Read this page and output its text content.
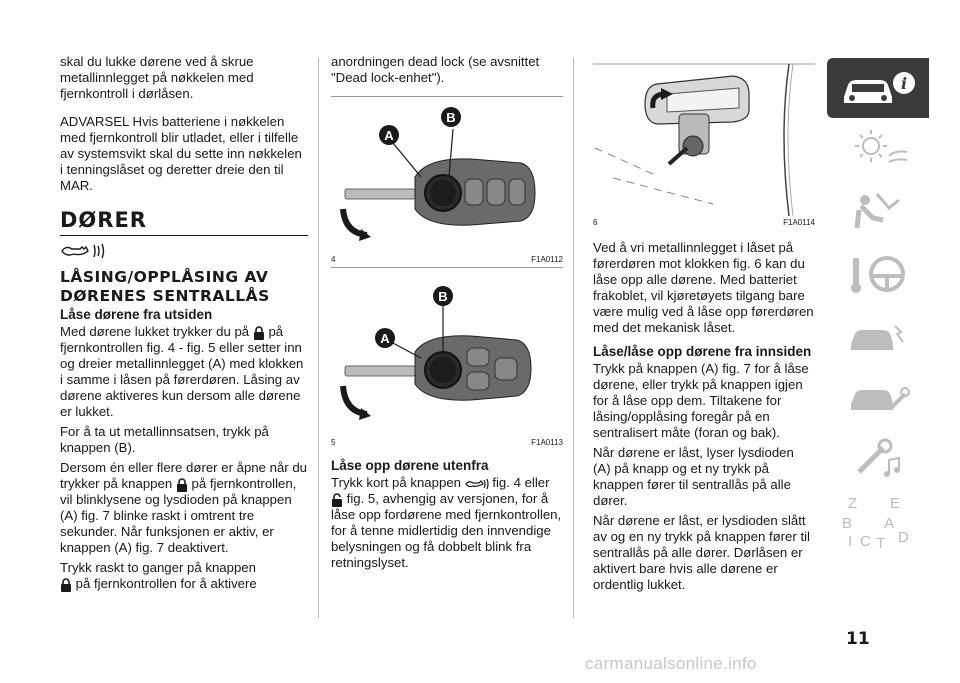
skal du lukke dørene ved å skrue metallinnlegget på nøkkelen med fjernkontroll i dørlåsen.

ADVARSEL Hvis batteriene i nøkkelen med fjernkontroll blir utladet, eller i tilfelle av systemsvikt skal du sette inn nøkkelen i tenningslåset og deretter dreie den til MAR.

DØRER
LÅSING/OPPLÅSING AV
DØRENES SENTRALLÅS
Låse dørene fra utsiden

Med dørene lukket trykker du på på fjernkontrollen fig. 4 - fig. 5 eller setter inn og dreier metallinnlegget (A) med klokken i samme i låsen på førerdøren. Låsing av dørene aktiveres kun dersom alle dørene er lukket.

For å ta ut metallinnsatsen, trykk på knappen (B).

Dersom én eller flere dører er åpne når du trykker på knappen på fjernkontrollen, vil blinklysene og lysdioden på knappen (A) fig. 7 blinke raskt i omtrent tre sekunder. Når funksjonen er aktiv, er knappen (A) fig. 7 deaktivert.

Trykk raskt to ganger på knappen
på fjernkontrollen for å aktivere

anordningen dead lock (se avsnittet "Dead lock-enhet").

A
B
4	F1A0112
A
B
5	F1A0113
Låse opp dørene utenfra

Trykk kort på knappen fig. 4 eller
fig. 5, avhengig av versjonen, for å låse opp fordørene med fjernkontrollen, for å tenne midlertidig den innvendige belysningen og få dobbelt blink fra retningslyset.

6	F1A0114

Ved å vri metallinnlegget i låset på førerdøren mot klokken fig. 6 kan du låse opp alle dørene. Med batteriet frakoblet, vil kjøretøyets tilgang bare være mulig ved å låse opp førerdøren med det mekanisk låset.

Låse/låse opp dørene fra innsiden

Trykk på knappen (A) fig. 7 for å låse dørene, eller trykk på knappen igjen for å låse opp dem. Tiltakene for låsing/opplåsing foregår på en sentralisert måte (foran og bak).

Når dørene er låst, lyser lysdioden (A) på knapp og et ny trykk på knappen fører til sentrallås på alle dører.

Når dørene er låst, er lysdioden slått av og en ny trykk på knappen fører til sentrallås på alle dører. Dørlåsen er aktivert bare hvis alle dørene er ordentlig lukket.

i
Z E
B A
I C T D
11
carmanualsonline.info
